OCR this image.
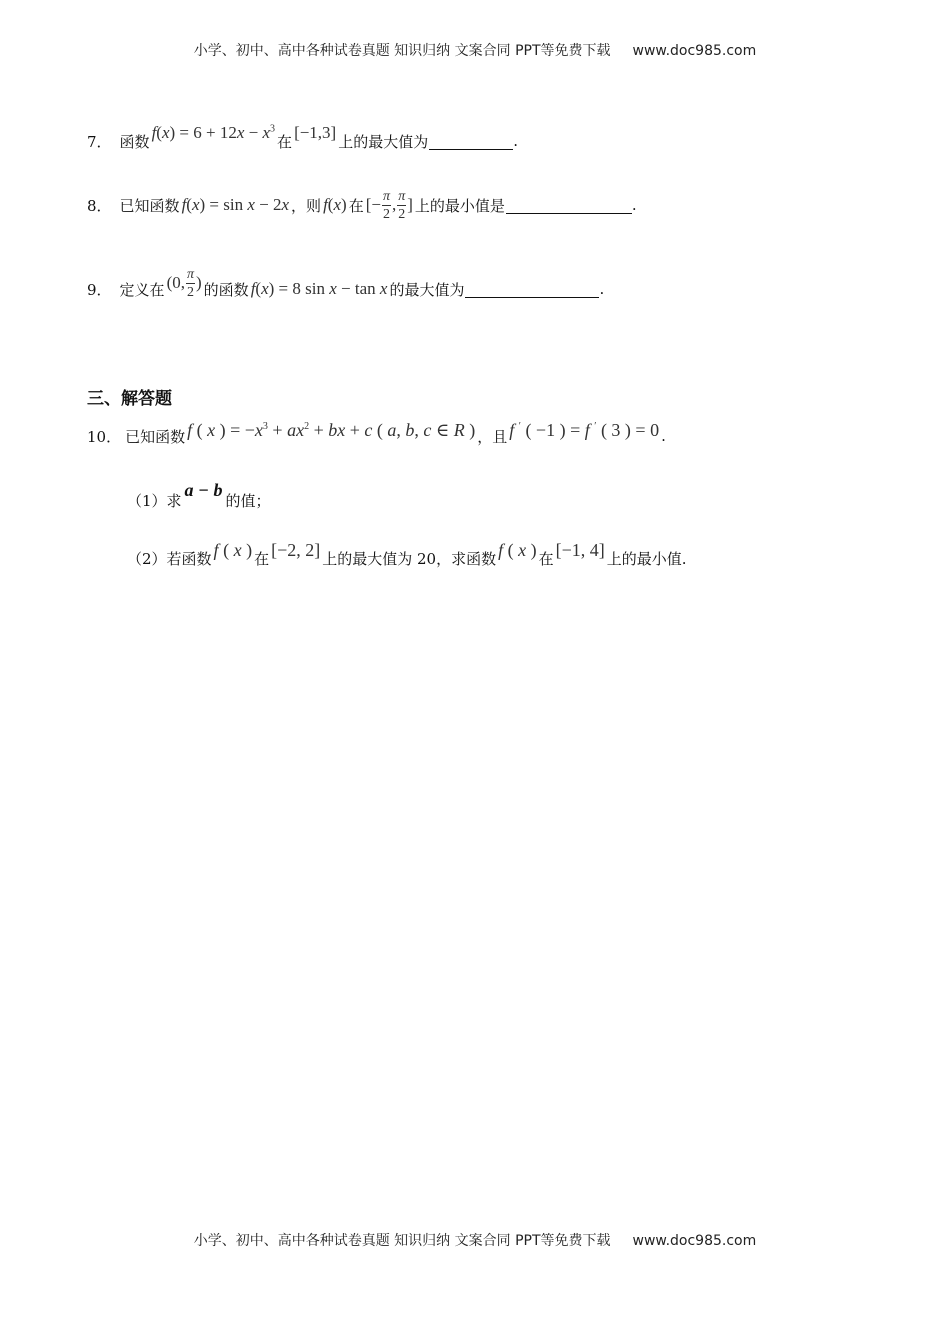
小学、初中、高中各种试卷真题 知识归纳 文案合同 PPT等免费下载 www.doc985.com
7． 函数 $f(x) = 6 + 12x - x^3$
在 [−1,3] 上的最大值为	.
8． 已知函数 f(x) = sin x − 2x ，则 f(x) 在 [− $\frac{\pi}{2}$ , $\frac{\pi}{2}$ ] 上的最小值是	.
9． 定义在 (0, $\frac{\pi}{2}$ ) 的函数 f(x) = 8 sin x − tan x 的最大值为	.
三、解答题
10． 已知函数 f ( x ) = $-x^3 + ax^2$ + bx + c ( a, b, c ∈ R ) ，且 f ′ ( −1 ) = f ′ ( 3 ) = 0 .
（1）求
a − b
的值；
（2）若函数 f ( x ) 在 [−2, 2] 上的最大值为 20，求函数 f ( x ) 在 [−1, 4] 上的最小值.
小学、初中、高中各种试卷真题 知识归纳 文案合同 PPT等免费下载 www.doc985.com
